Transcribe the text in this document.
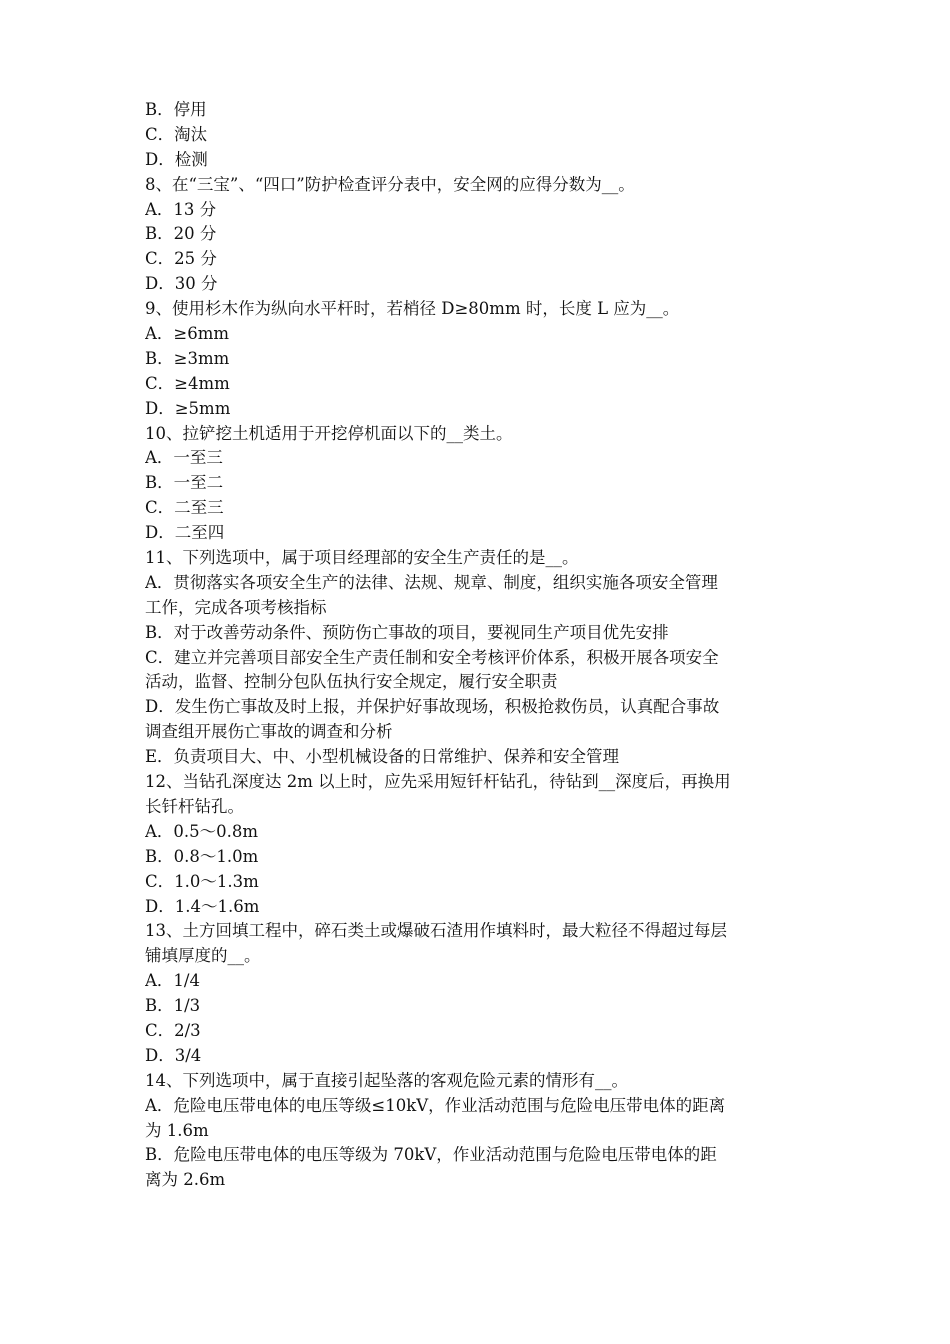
B．停用
C．淘汰
D．检测
8、在“三宝”、“四口”防护检查评分表中，安全网的应得分数为__。
A．13 分
B．20 分
C．25 分
D．30 分
9、使用杉木作为纵向水平杆时，若梢径 D≥80mm 时，长度 L 应为__。
A．≥6mm
B．≥3mm
C．≥4mm
D．≥5mm
10、拉铲挖土机适用于开挖停机面以下的__类土。
A．一至三
B．一至二
C．二至三
D．二至四
11、下列选项中，属于项目经理部的安全生产责任的是__。
A．贯彻落实各项安全生产的法律、法规、规章、制度，组织实施各项安全管理
工作，完成各项考核指标
B．对于改善劳动条件、预防伤亡事故的项目，要视同生产项目优先安排
C．建立并完善项目部安全生产责任制和安全考核评价体系，积极开展各项安全
活动，监督、控制分包队伍执行安全规定，履行安全职责
D．发生伤亡事故及时上报，并保护好事故现场，积极抢救伤员，认真配合事故
调查组开展伤亡事故的调查和分析
E．负责项目大、中、小型机械设备的日常维护、保养和安全管理
12、当钻孔深度达 2m 以上时，应先采用短钎杆钻孔，待钻到__深度后，再换用
长钎杆钻孔。
A．0.5～0.8m
B．0.8～1.0m
C．1.0～1.3m
D．1.4～1.6m
13、土方回填工程中，碎石类土或爆破石渣用作填料时，最大粒径不得超过每层
铺填厚度的__。
A．1/4
B．1/3
C．2/3
D．3/4
14、下列选项中，属于直接引起坠落的客观危险元素的情形有__。
A．危险电压带电体的电压等级≤10kV，作业活动范围与危险电压带电体的距离
为 1.6m
B．危险电压带电体的电压等级为 70kV，作业活动范围与危险电压带电体的距
离为 2.6m
